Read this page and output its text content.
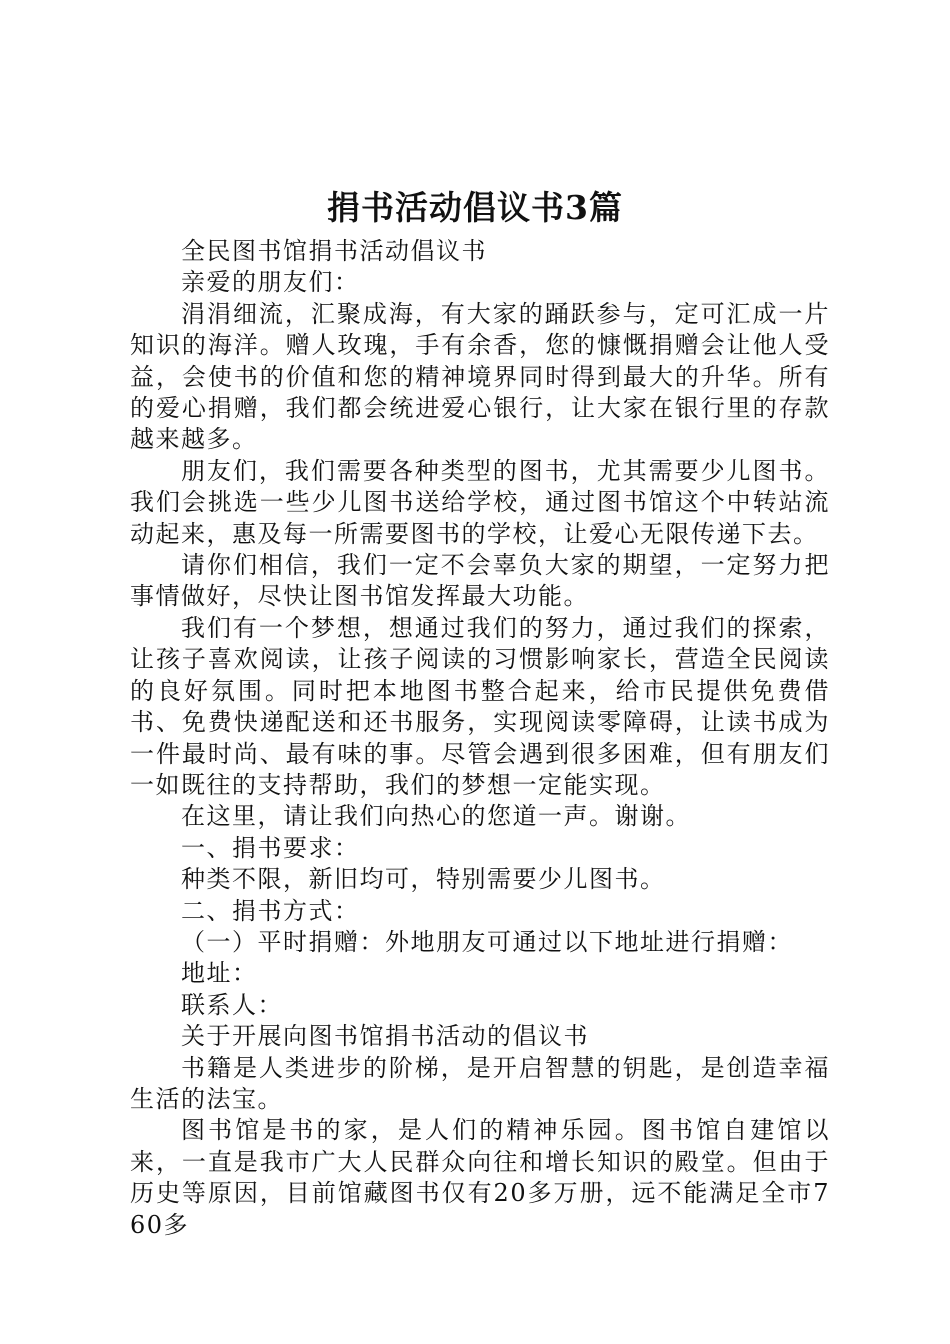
捐书活动倡议书3篇

全民图书馆捐书活动倡议书

亲爱的朋友们：

涓涓细流，汇聚成海，有大家的踊跃参与，定可汇成一片知识的海洋。赠人玫瑰，手有余香，您的慷慨捐赠会让他人受益，会使书的价值和您的精神境界同时得到最大的升华。所有的爱心捐赠，我们都会统进爱心银行，让大家在银行里的存款越来越多。

朋友们，我们需要各种类型的图书，尤其需要少儿图书。我们会挑选一些少儿图书送给学校，通过图书馆这个中转站流动起来，惠及每一所需要图书的学校，让爱心无限传递下去。

请你们相信，我们一定不会辜负大家的期望，一定努力把事情做好，尽快让图书馆发挥最大功能。

我们有一个梦想，想通过我们的努力，通过我们的探索，让孩子喜欢阅读，让孩子阅读的习惯影响家长，营造全民阅读的良好氛围。同时把本地图书整合起来，给市民提供免费借书、免费快递配送和还书服务，实现阅读零障碍，让读书成为一件最时尚、最有味的事。尽管会遇到很多困难，但有朋友们一如既往的支持帮助，我们的梦想一定能实现。

在这里，请让我们向热心的您道一声。谢谢。

一、捐书要求：

种类不限，新旧均可，特别需要少儿图书。

二、捐书方式：

（一）平时捐赠：外地朋友可通过以下地址进行捐赠：

地址：

联系人：

关于开展向图书馆捐书活动的倡议书

书籍是人类进步的阶梯，是开启智慧的钥匙，是创造幸福生活的法宝。

图书馆是书的家，是人们的精神乐园。图书馆自建馆以来，一直是我市广大人民群众向往和增长知识的殿堂。但由于历史等原因，目前馆藏图书仅有20多万册，远不能满足全市760多
